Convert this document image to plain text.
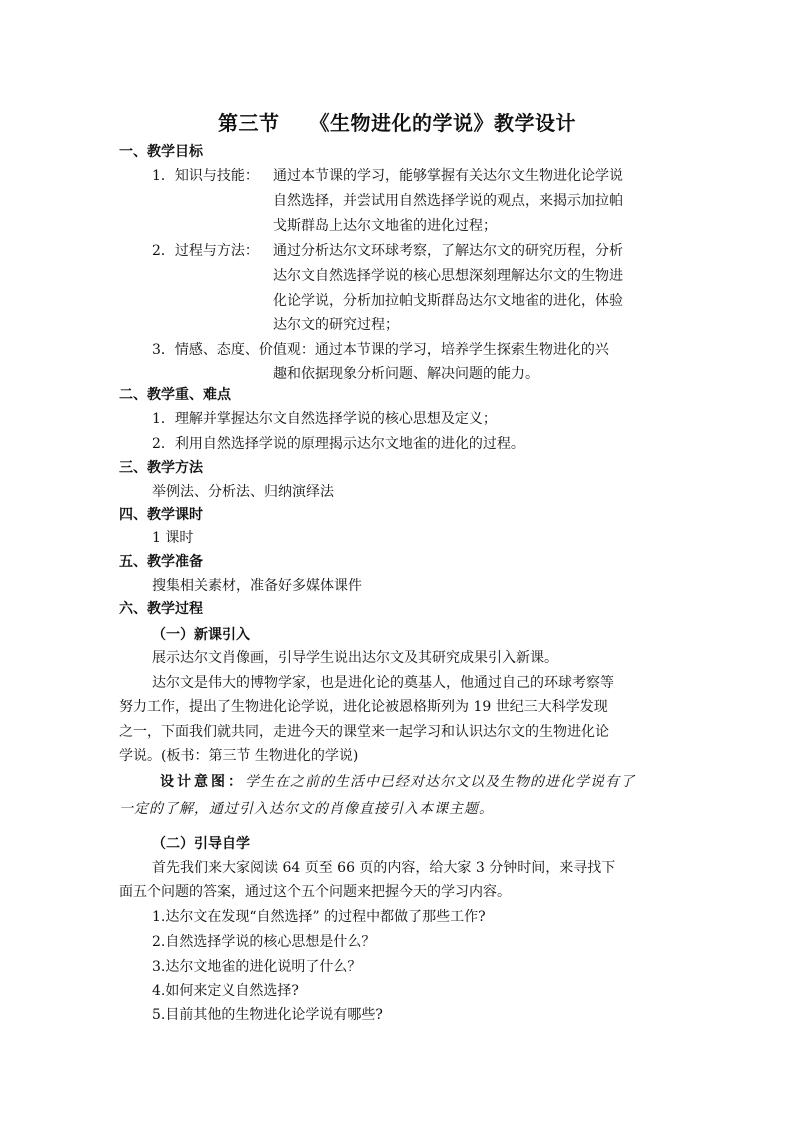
第三节 《生物进化的学说》教学设计
一、教学目标
1．知识与技能： 通过本节课的学习，能够掌握有关达尔文生物进化论学说
自然选择，并尝试用自然选择学说的观点，来揭示加拉帕
戈斯群岛上达尔文地雀的进化过程；
2．过程与方法： 通过分析达尔文环球考察，了解达尔文的研究历程，分析
达尔文自然选择学说的核心思想深刻理解达尔文的生物进
化论学说，分析加拉帕戈斯群岛达尔文地雀的进化，体验
达尔文的研究过程；
3．情感、态度、价值观：通过本节课的学习，培养学生探索生物进化的兴
趣和依据现象分析问题、解决问题的能力。
二、教学重、难点
1．理解并掌握达尔文自然选择学说的核心思想及定义；
2．利用自然选择学说的原理揭示达尔文地雀的进化的过程。
三、教学方法
举例法、分析法、归纳演绎法
四、教学课时
1 课时
五、教学准备
搜集相关素材，准备好多媒体课件
六、教学过程
（一）新课引入
展示达尔文肖像画，引导学生说出达尔文及其研究成果引入新课。
达尔文是伟大的博物学家，也是进化论的奠基人，他通过自己的环球考察等
努力工作，提出了生物进化论学说，进化论被恩格斯列为 19 世纪三大科学发现
之一，下面我们就共同，走进今天的课堂来一起学习和认识达尔文的生物进化论
学说。(板书：第三节 生物进化的学说)
设计意图：学生在之前的生活中已经对达尔文以及生物的进化学说有了
一定的了解，通过引入达尔文的肖像直接引入本课主题。
（二）引导自学
首先我们来大家阅读 64 页至 66 页的内容，给大家 3 分钟时间，来寻找下
面五个问题的答案，通过这个五个问题来把握今天的学习内容。
1.达尔文在发现“自然选择” 的过程中都做了那些工作?
2.自然选择学说的核心思想是什么？
3.达尔文地雀的进化说明了什么？
4.如何来定义自然选择?
5.目前其他的生物进化论学说有哪些?
